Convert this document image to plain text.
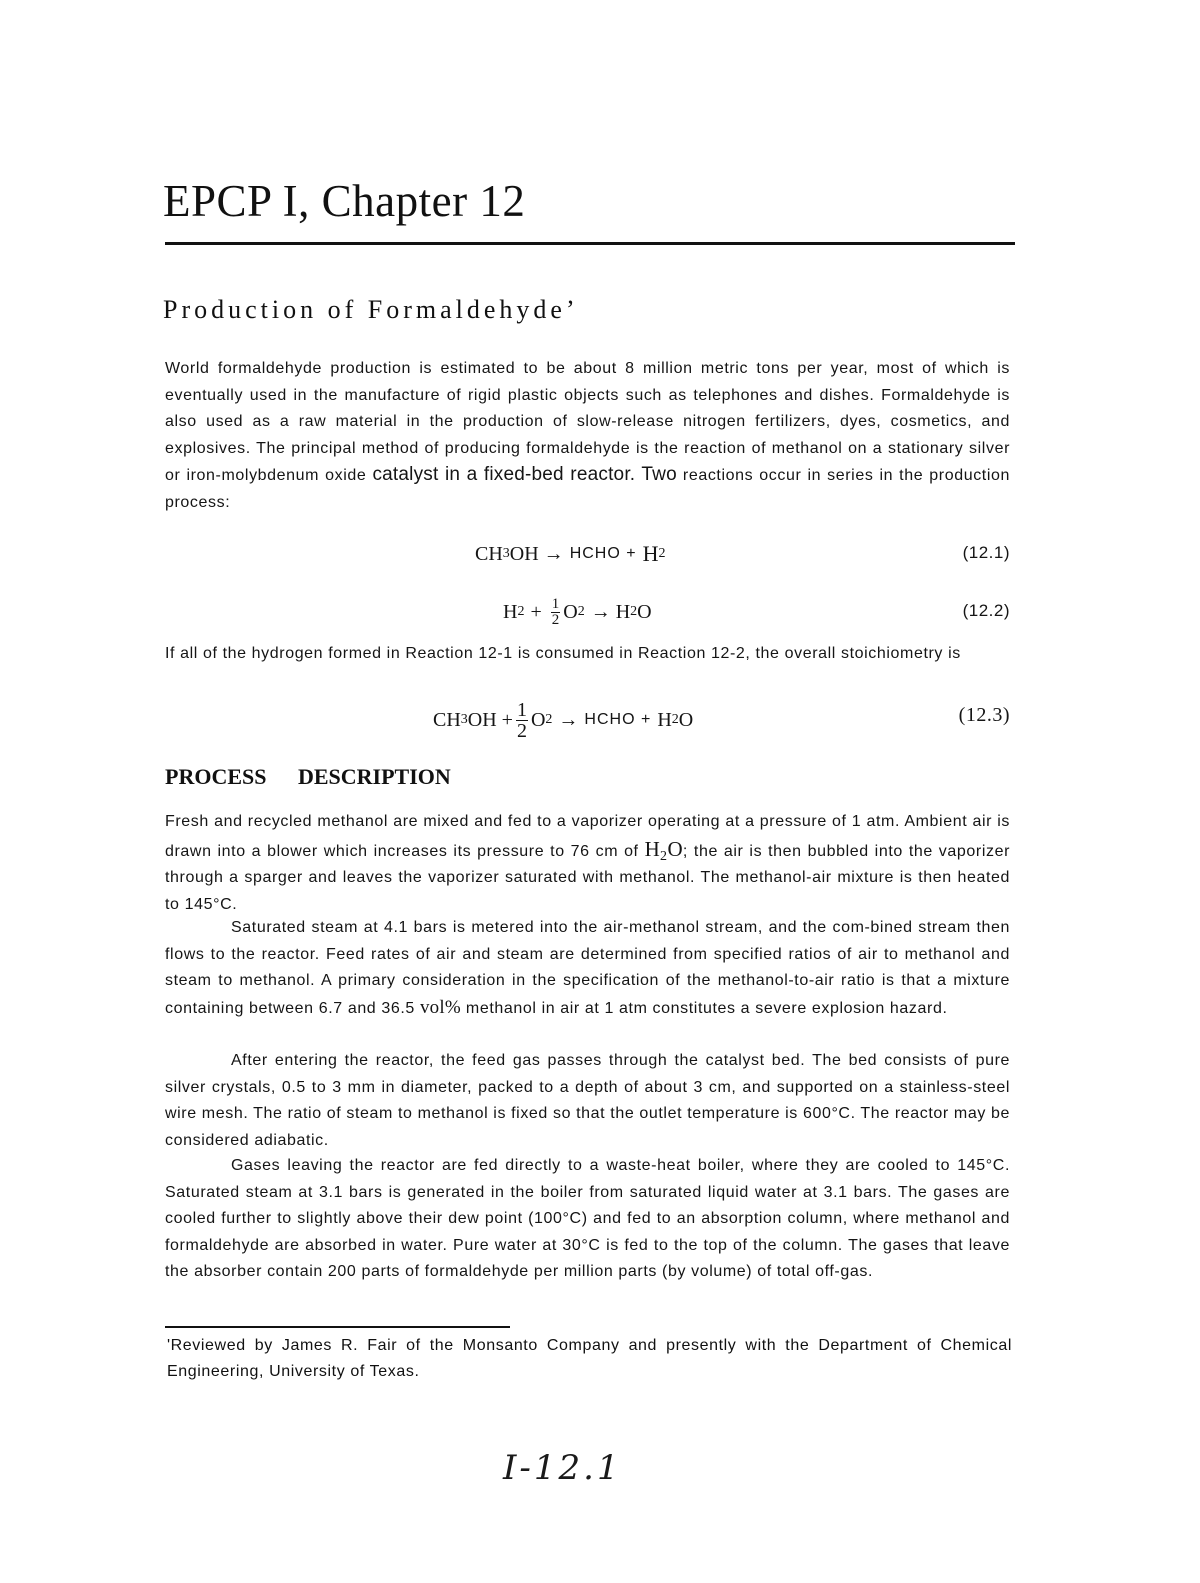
EPCP I, Chapter 12
Production of Formaldehyde’
World formaldehyde production is estimated to be about 8 million metric tons per year, most of which is eventually used in the manufacture of rigid plastic objects such as telephones and dishes. Formaldehyde is also used as a raw material in the production of slow-release nitrogen fertilizers, dyes, cosmetics, and explosives. The principal method of producing formaldehyde is the reaction of methanol on a stationary silver or iron-molybdenum oxide catalyst in a fixed-bed reactor. Two reactions occur in series in the production process:
CH 3 OH → HCHO + H 2	(12.1)
H $2 + \frac{1}{2}$ O 2 → H 2 O	(12.2)
If all of the hydrogen formed in Reaction 12-1 is consumed in Reaction 12-2, the overall stoichiometry is
CH 3 OH + $\frac{1}{2}$ O 2 → HCHO + H 2 O	(12.3)
PROCESS DESCRIPTION
Fresh and recycled methanol are mixed and fed to a vaporizer operating at a pressure of 1 atm. Ambient air is drawn into a blower which increases its pressure to 76 cm of $H_2O$; the air is then bubbled into the vaporizer through a sparger and leaves the vaporizer saturated with methanol. The methanol-air mixture is then heated to 145°C.
Saturated steam at 4.1 bars is metered into the air-methanol stream, and the com-bined stream then flows to the reactor. Feed rates of air and steam are determined from specified ratios of air to methanol and steam to methanol. A primary consideration in the specification of the methanol-to-air ratio is that a mixture containing between 6.7 and 36.5 vol% methanol in air at 1 atm constitutes a severe explosion hazard.
After entering the reactor, the feed gas passes through the catalyst bed. The bed consists of pure silver crystals, 0.5 to 3 mm in diameter, packed to a depth of about 3 cm, and supported on a stainless-steel wire mesh. The ratio of steam to methanol is fixed so that the outlet temperature is 600°C. The reactor may be considered adiabatic.
Gases leaving the reactor are fed directly to a waste-heat boiler, where they are cooled to 145°C. Saturated steam at 3.1 bars is generated in the boiler from saturated liquid water at 3.1 bars. The gases are cooled further to slightly above their dew point (100°C) and fed to an absorption column, where methanol and formaldehyde are absorbed in water. Pure water at 30°C is fed to the top of the column. The gases that leave the absorber contain 200 parts of formaldehyde per million parts (by volume) of total off-gas.
'Reviewed by James R. Fair of the Monsanto Company and presently with the Department of Chemical Engineering, University of Texas.
I-12.1
